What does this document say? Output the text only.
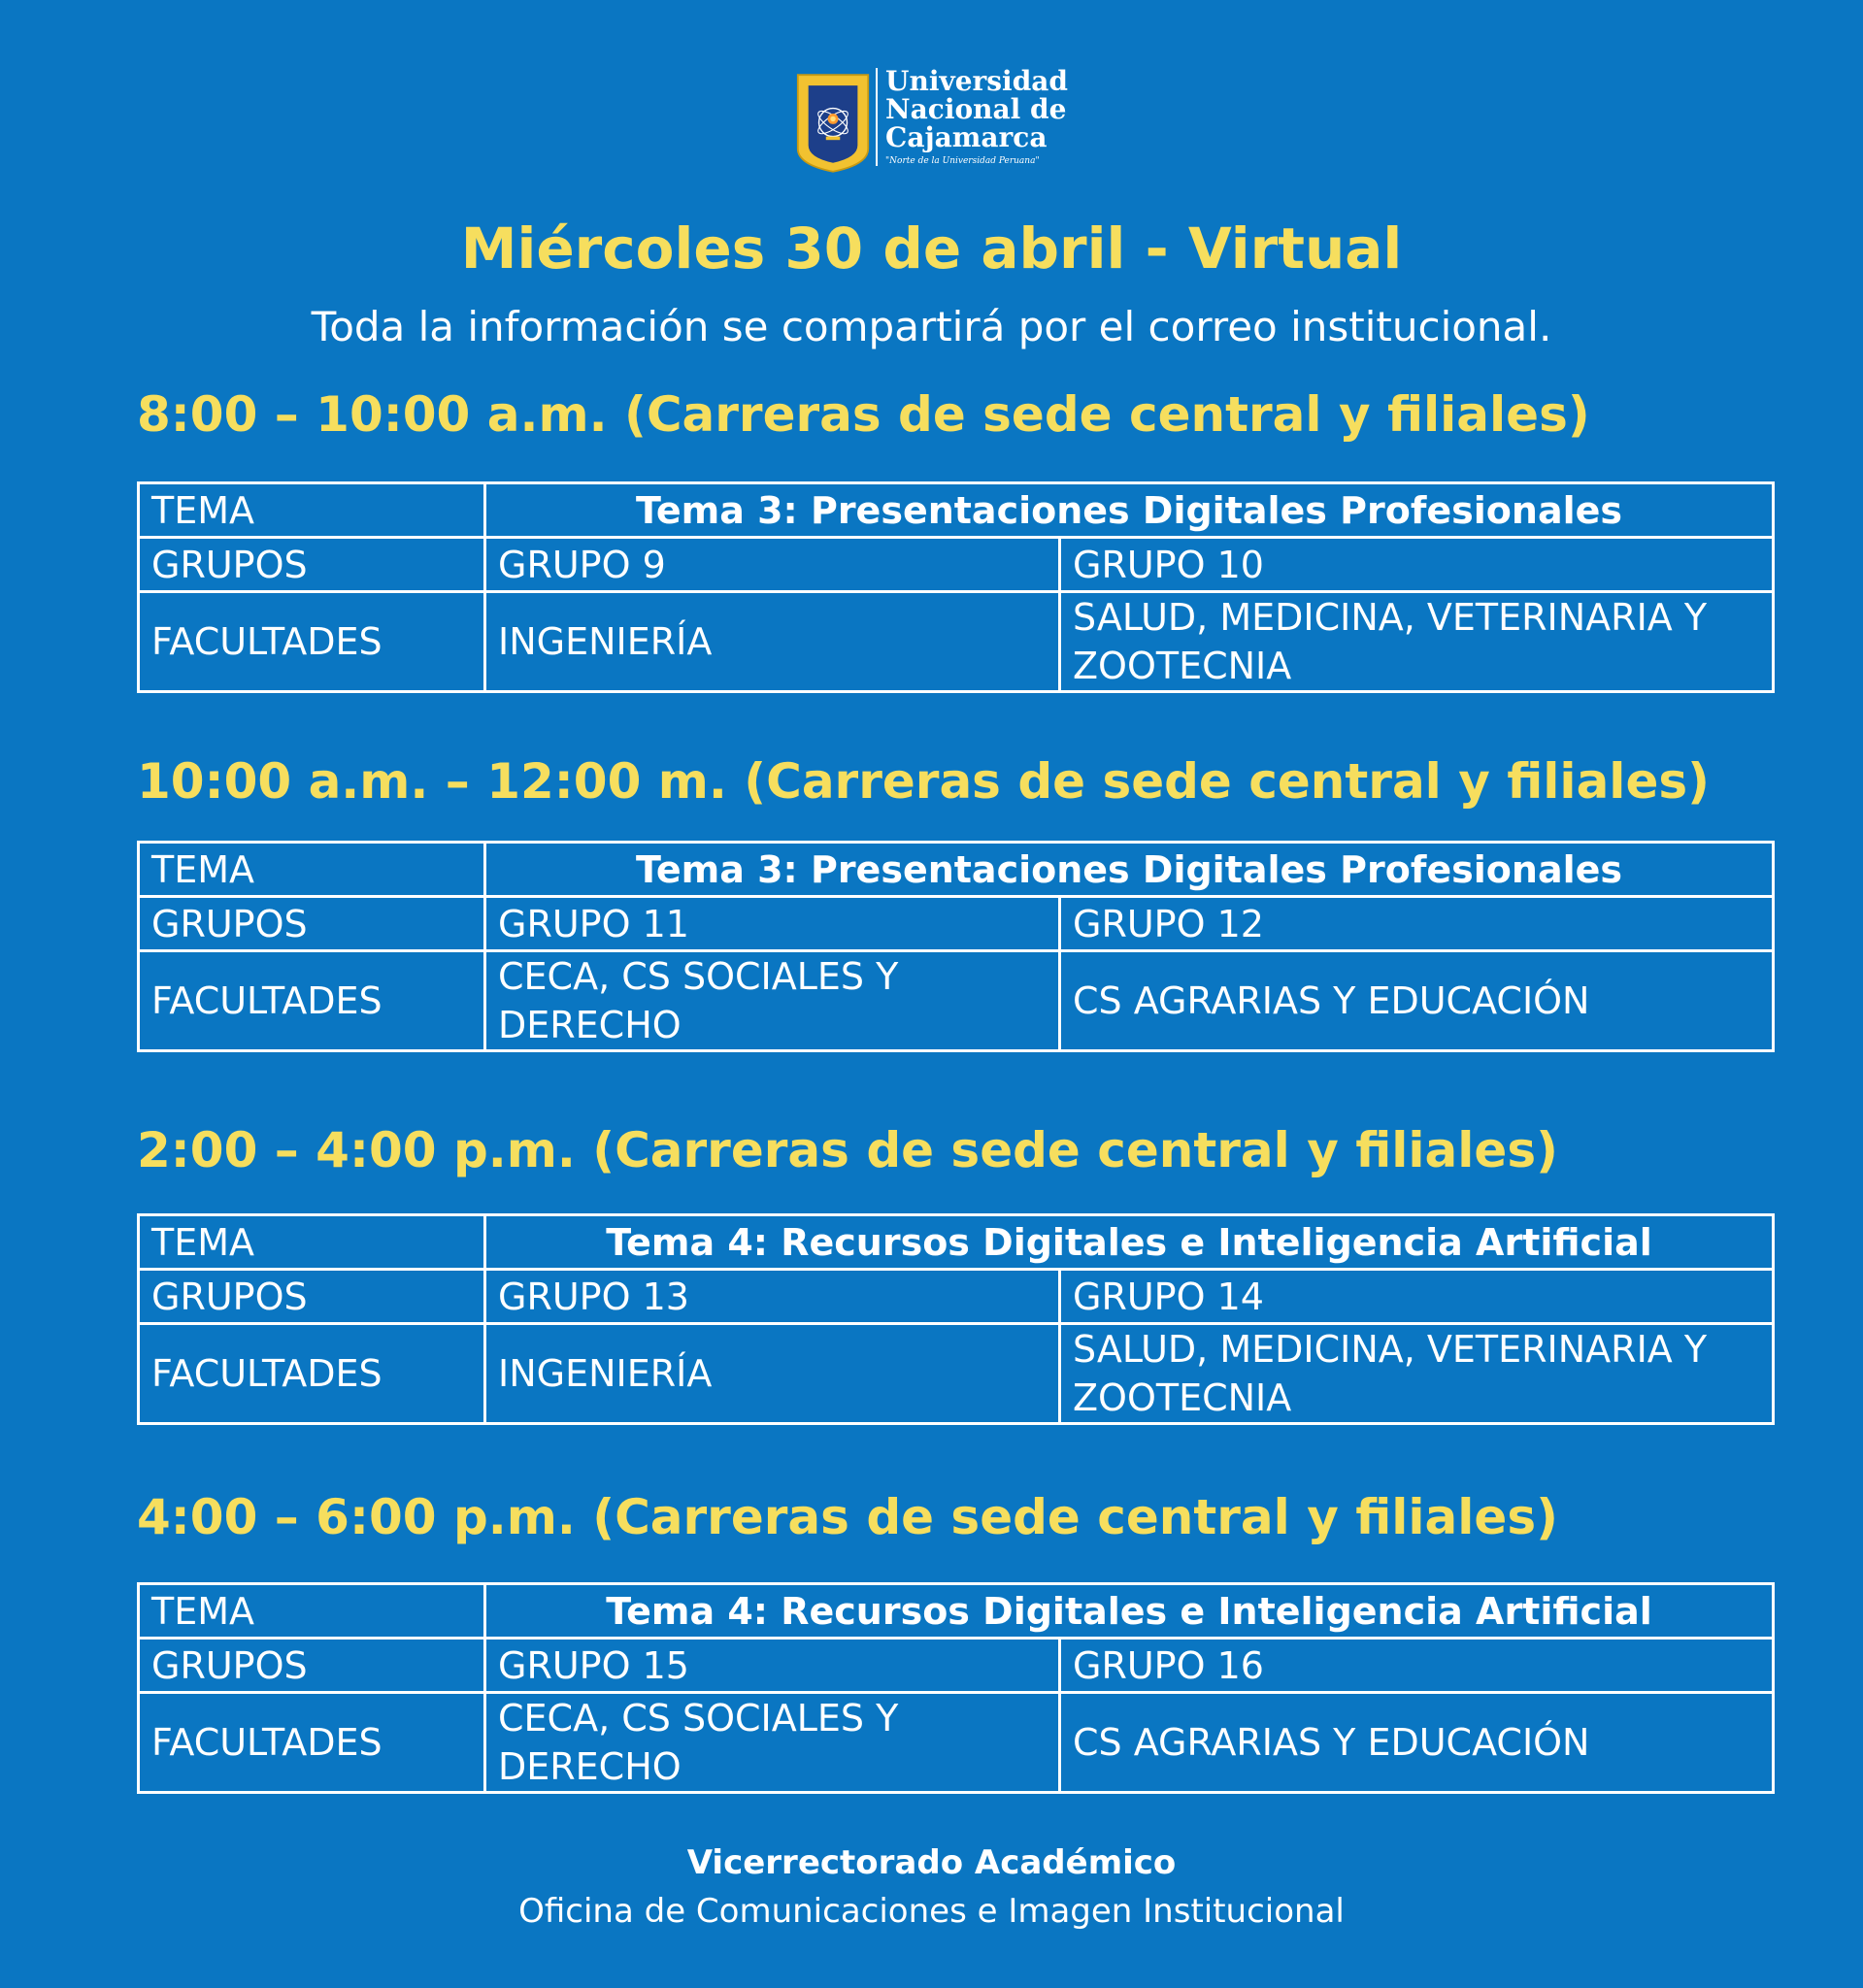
Universidad
Nacional de
Cajamarca
"Norte de la Universidad Peruana"
Miércoles 30 de abril - Virtual

Toda la información se compartirá por el correo institucional.

8:00 – 10:00 a.m. (Carreras de sede central y filiales)
TEMA	Tema 3: Presentaciones Digitales Profesionales	
GRUPOS	GRUPO 9	GRUPO 10
FACULTADES	INGENIERÍA	SALUD, MEDICINA, VETERINARIA Y ZOOTECNIA
10:00 a.m. – 12:00 m. (Carreras de sede central y filiales)
TEMA	Tema 3: Presentaciones Digitales Profesionales	
GRUPOS	GRUPO 11	GRUPO 12
FACULTADES	CECA, CS SOCIALES Y DERECHO	CS AGRARIAS Y EDUCACIÓN
2:00 – 4:00 p.m. (Carreras de sede central y filiales)
TEMA	Tema 4: Recursos Digitales e Inteligencia Artificial	
GRUPOS	GRUPO 13	GRUPO 14
FACULTADES	INGENIERÍA	SALUD, MEDICINA, VETERINARIA Y ZOOTECNIA
4:00 – 6:00 p.m. (Carreras de sede central y filiales)
TEMA	Tema 4: Recursos Digitales e Inteligencia Artificial	
GRUPOS	GRUPO 15	GRUPO 16
FACULTADES	CECA, CS SOCIALES Y DERECHO	CS AGRARIAS Y EDUCACIÓN
Vicerrectorado Académico
Oficina de Comunicaciones e Imagen Institucional
